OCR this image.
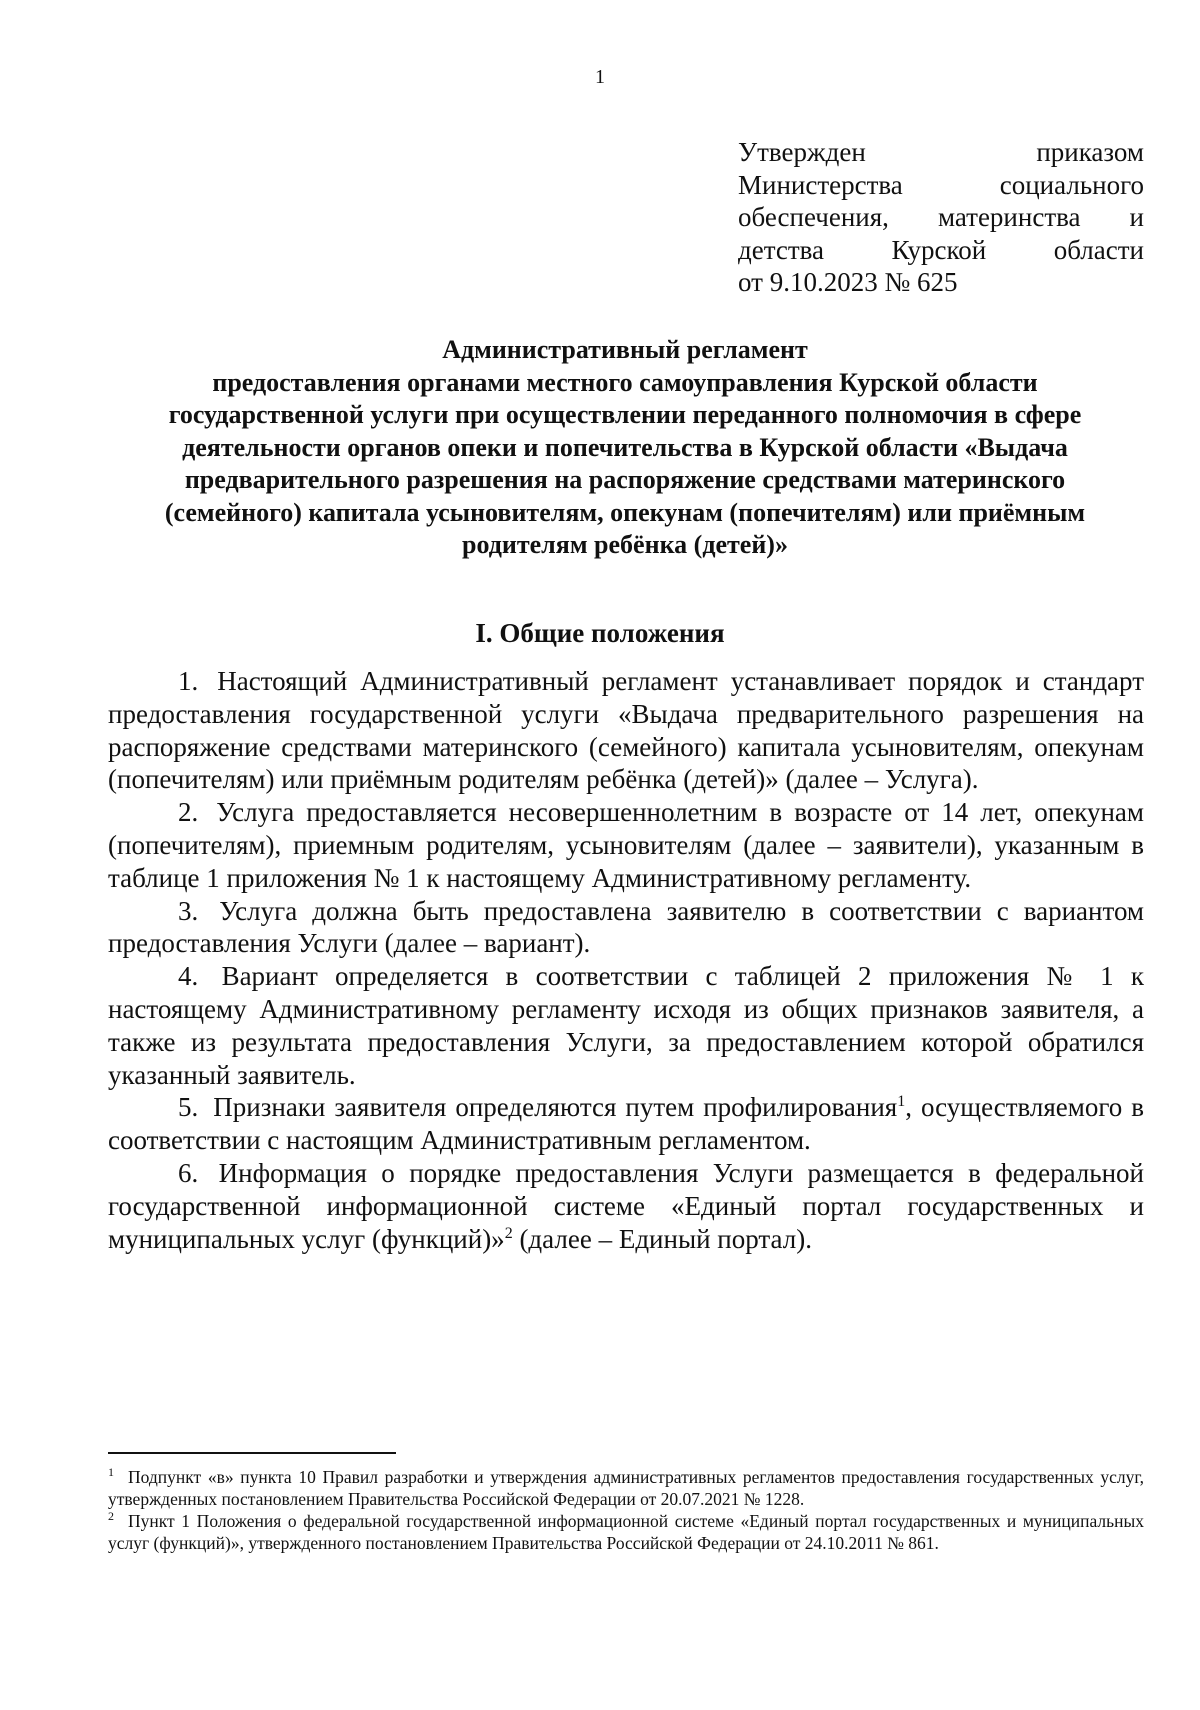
1
Утвержден приказом
Министерства социального
обеспечения, материнства и
детства Курской области
от 9.10.2023 № 625
Административный регламент
предоставления органами местного самоуправления Курской области
государственной услуги при осуществлении переданного полномочия в сфере
деятельности органов опеки и попечительства в Курской области «Выдача
предварительного разрешения на распоряжение средствами материнского
(семейного) капитала усыновителям, опекунам (попечителям) или приёмным
родителям ребёнка (детей)»
I. Общие положения

1. Настоящий Административный регламент устанавливает порядок и стандарт предоставления государственной услуги «Выдача предварительного разрешения на распоряжение средствами материнского (семейного) капитала усыновителям, опекунам (попечителям) или приёмным родителям ребёнка (детей)» (далее – Услуга).

2. Услуга предоставляется несовершеннолетним в возрасте от 14 лет, опекунам (попечителям), приемным родителям, усыновителям (далее – заявители), указанным в таблице 1 приложения № 1 к настоящему Административному регламенту.

3. Услуга должна быть предоставлена заявителю в соответствии с вариантом предоставления Услуги (далее – вариант).

4. Вариант определяется в соответствии с таблицей 2 приложения № 1 к настоящему Административному регламенту исходя из общих признаков заявителя, а также из результата предоставления Услуги, за предоставлением которой обратился указанный заявитель.

5. Признаки заявителя определяются путем профилирования$^1$, осуществляемого в соответствии с настоящим Административным регламентом.

6. Информация о порядке предоставления Услуги размещается в федеральной государственной информационной системе «Единый портал государственных и муниципальных услуг (функций)»$^2$ (далее – Единый портал).

$^1$ Подпункт «в» пункта 10 Правил разработки и утверждения административных регламентов предоставления государственных услуг, утвержденных постановлением Правительства Российской Федерации от 20.07.2021 № 1228.

$^2$ Пункт 1 Положения о федеральной государственной информационной системе «Единый портал государственных и муниципальных услуг (функций)», утвержденного постановлением Правительства Российской Федерации от 24.10.2011 № 861.
